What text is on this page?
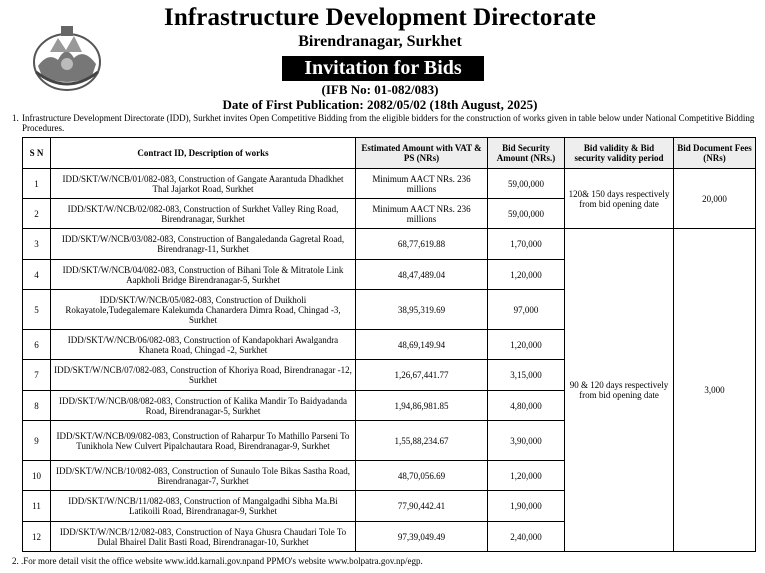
Infrastructure Development Directorate
Birendranagar, Surkhet
Invitation for Bids
(IFB No: 01-082/083)
Date of First Publication: 2082/05/02 (18th August, 2025)
1. Infrastructure Development Directorate (IDD), Surkhet invites Open Competitive Bidding from the eligible bidders for the construction of works given in table below under National Competitive Bidding Procedures.
S N	Contract ID, Description of works	Estimated Amount with VAT & PS (NRs)	Bid Security Amount (NRs.)	Bid validity & Bid security validity period	Bid Document Fees (NRs)
1	IDD/SKT/W/NCB/01/082-083, Construction of Gangate Aarantuda Dhadkhet Thal Jajarkot Road, Surkhet	Minimum AACT NRs. 236 millions	59,00,000	120& 150 days respectively from bid opening date	20,000
2	IDD/SKT/W/NCB/02/082-083, Construction of Surkhet Valley Ring Road, Birendranagar, Surkhet	Minimum AACT NRs. 236 millions	59,00,000		
3	IDD/SKT/W/NCB/03/082-083, Construction of Bangaledanda Gagretal Road, Birendranagr-11, Surkhet	68,77,619.88	1,70,000	90 & 120 days respectively from bid opening date	3,000
4	IDD/SKT/W/NCB/04/082-083, Construction of Bihani Tole & Mitratole Link Aapkholi Bridge Birendranagar-5, Surkhet	48,47,489.04	1,20,000		
5	IDD/SKT/W/NCB/05/082-083, Construction of Duikholi Rokayatole,Tudegalemare Kalekumda Chanardera Dimra Road, Chingad -3, Surkhet	38,95,319.69	97,000		
6	IDD/SKT/W/NCB/06/082-083, Construction of Kandapokhari Awalgandra Khaneta Road, Chingad -2, Surkhet	48,69,149.94	1,20,000		
7	IDD/SKT/W/NCB/07/082-083, Construction of Khoriya Road, Birendranagar -12, Surkhet	1,26,67,441.77	3,15,000		
8	IDD/SKT/W/NCB/08/082-083, Construction of Kalika Mandir To Baidyadanda Road, Birendranagar-5, Surkhet	1,94,86,981.85	4,80,000		
9	IDD/SKT/W/NCB/09/082-083, Construction of Raharpur To Mathillo Parseni To Tunikhola New Culvert Pipalchautara Road, Birendranagar-9, Surkhet	1,55,88,234.67	3,90,000		
10	IDD/SKT/W/NCB/10/082-083, Construction of Sunaulo Tole Bikas Sastha Road, Birendranagar-7, Surkhet	48,70,056.69	1,20,000		
11	IDD/SKT/W/NCB/11/082-083, Construction of Mangalgadhi Sibha Ma.Bi Latikoili Road, Birendranagar-9, Surkhet	77,90,442.41	1,90,000		
12	IDD/SKT/W/NCB/12/082-083, Construction of Naya Ghusra Chaudari Tole To Dulal Bhairel Dalit Basti Road, Birendranagar-10, Surkhet	97,39,049.49	2,40,000		
2. .For more detail visit the office website www.idd.karnali.gov.npand PPMO's website www.bolpatra.gov.np/egp.
